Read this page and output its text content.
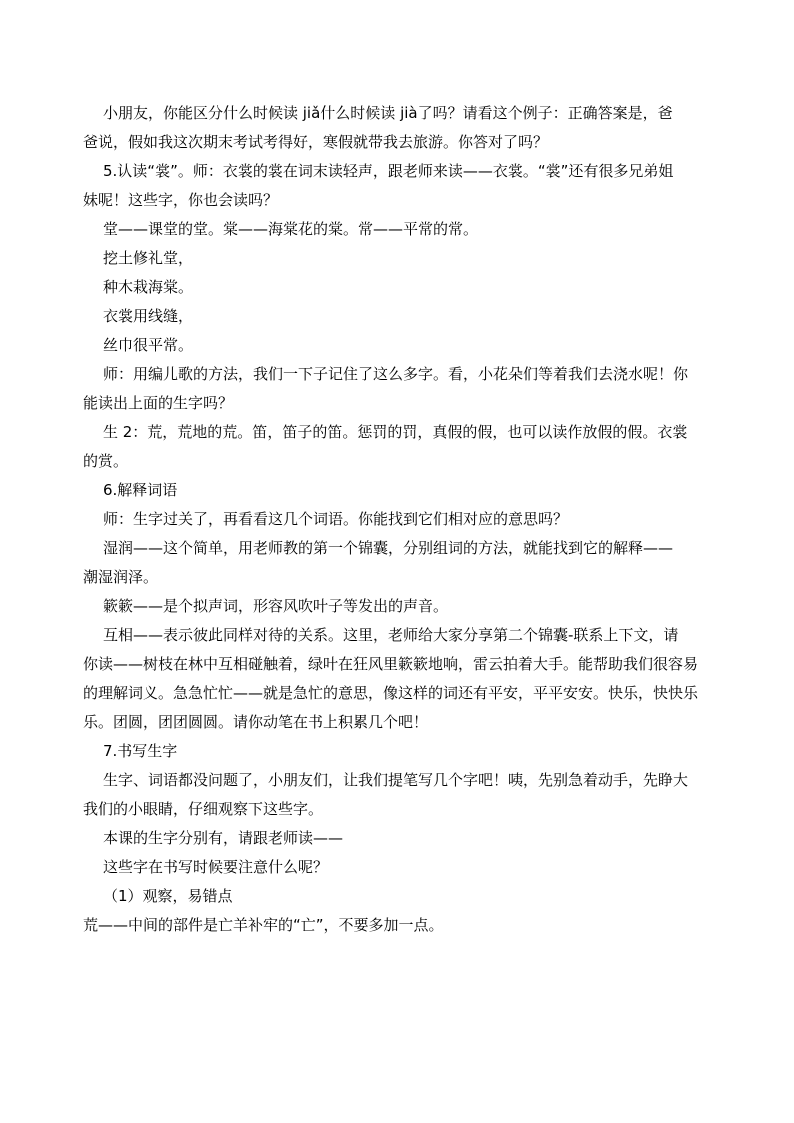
小朋友，你能区分什么时候读 jiǎ什么时候读 jià了吗？请看这个例子：正确答案是，爸
爸说，假如我这次期末考试考得好，寒假就带我去旅游。你答对了吗？
5.认读“裳”。师：衣裳的裳在词末读轻声，跟老师来读——衣裳。“裳”还有很多兄弟姐
妹呢！这些字，你也会读吗？
堂——课堂的堂。棠——海棠花的棠。常——平常的常。
挖土修礼堂，
种木栽海棠。
衣裳用线缝，
丝巾很平常。
师：用编儿歌的方法，我们一下子记住了这么多字。看，小花朵们等着我们去浇水呢！你
能读出上面的生字吗？
生 2：荒，荒地的荒。笛，笛子的笛。惩罚的罚，真假的假，也可以读作放假的假。衣裳
的赏。
6.解释词语
师：生字过关了，再看看这几个词语。你能找到它们相对应的意思吗？
湿润——这个简单，用老师教的第一个锦囊，分别组词的方法，就能找到它的解释——
潮湿润泽。
簌簌——是个拟声词，形容风吹叶子等发出的声音。
互相——表示彼此同样对待的关系。这里，老师给大家分享第二个锦囊-联系上下文，请
你读——树枝在林中互相碰触着，绿叶在狂风里簌簌地响，雷云拍着大手。能帮助我们很容易
的理解词义。急急忙忙——就是急忙的意思，像这样的词还有平安，平平安安。快乐，快快乐
乐。团圆，团团圆圆。请你动笔在书上积累几个吧！
7.书写生字
生字、词语都没问题了，小朋友们，让我们提笔写几个字吧！咦，先别急着动手，先睁大
我们的小眼睛，仔细观察下这些字。
本课的生字分别有，请跟老师读——
这些字在书写时候要注意什么呢？
（1）观察，易错点
荒——中间的部件是亡羊补牢的“亡”，不要多加一点。
